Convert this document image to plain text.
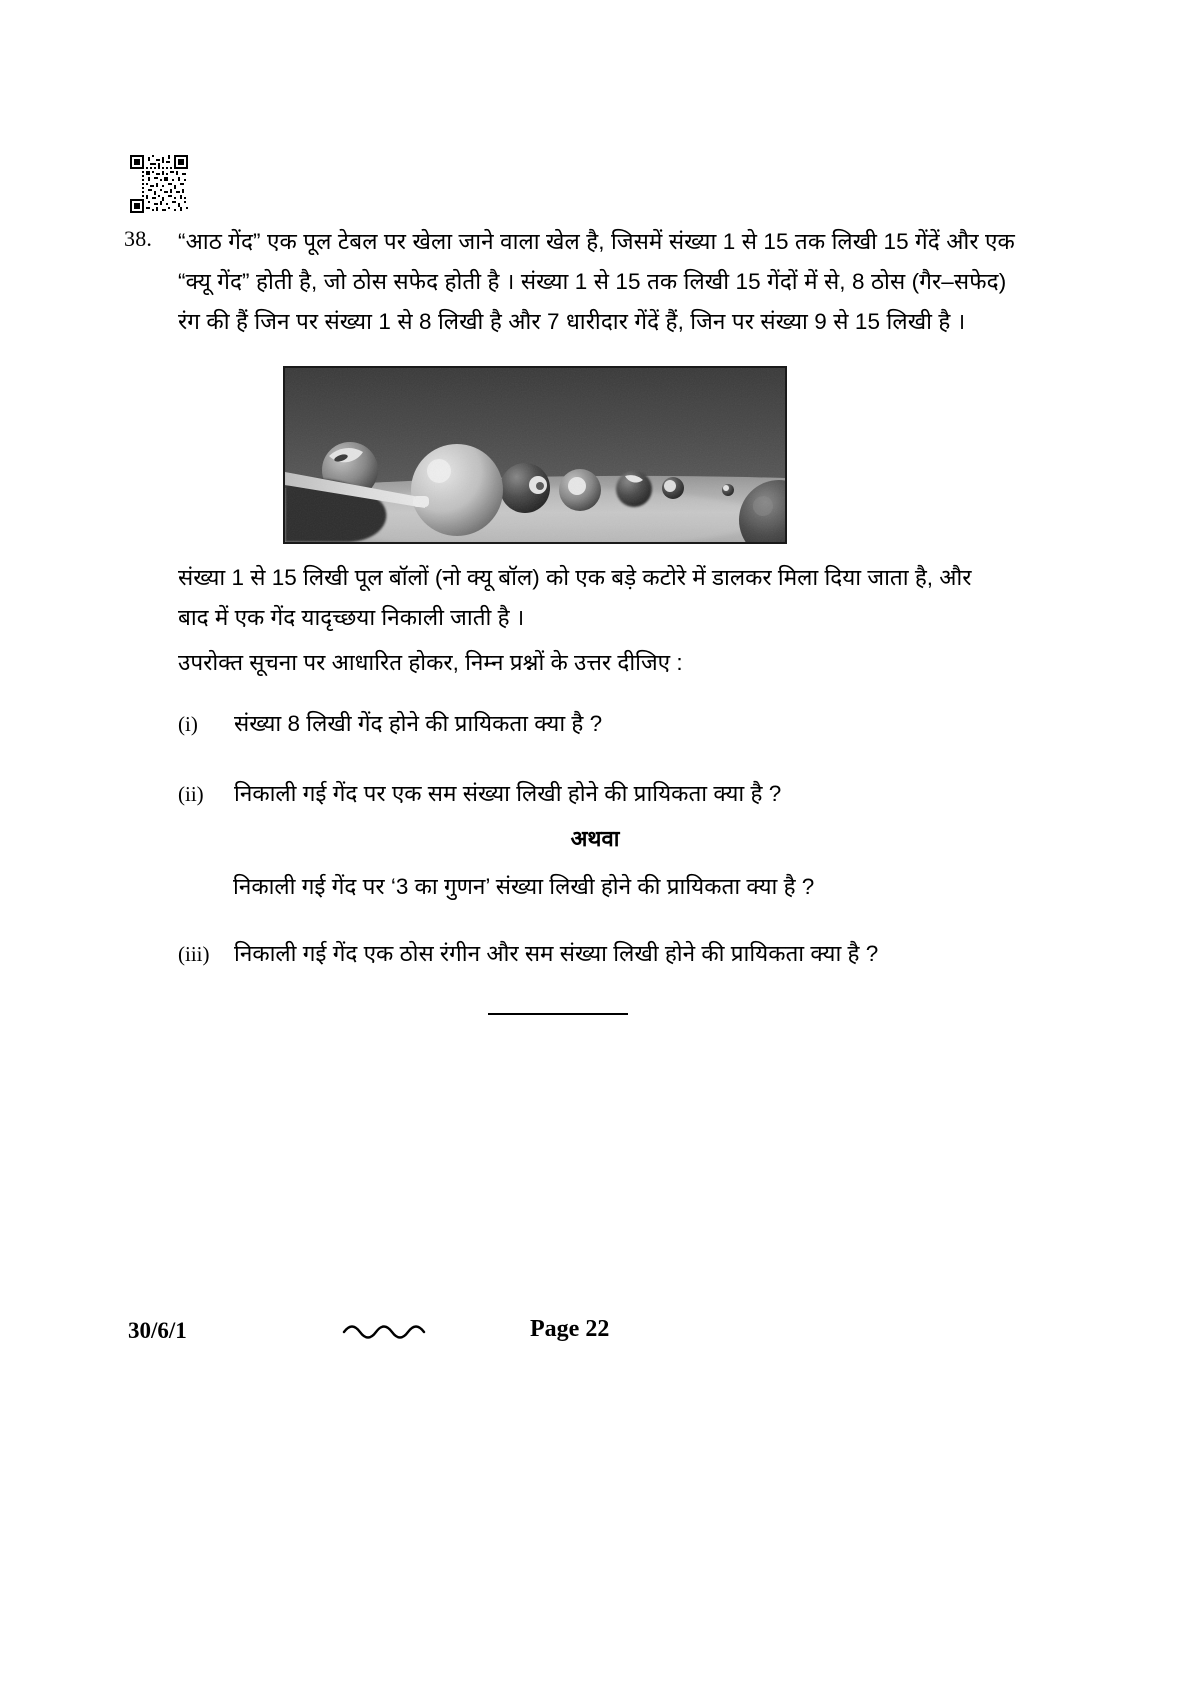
38. “आठ गेंद” एक पूल टेबल पर खेला जाने वाला खेल है, जिसमें संख्या 1 से 15 तक लिखी 15 गेंदें और एक
“क्यू गेंद” होती है, जो ठोस सफेद होती है । संख्या 1 से 15 तक लिखी 15 गेंदों में से, 8 ठोस (गैर–सफेद)
रंग की हैं जिन पर संख्या 1 से 8 लिखी है और 7 धारीदार गेंदें हैं, जिन पर संख्या 9 से 15 लिखी है ।
संख्या 1 से 15 लिखी पूल बॉलों (नो क्यू बॉल) को एक बड़े कटोरे में डालकर मिला दिया जाता है, और
बाद में एक गेंद यादृच्छया निकाली जाती है ।
उपरोक्त सूचना पर आधारित होकर, निम्न प्रश्नों के उत्तर दीजिए :
(i) संख्या 8 लिखी गेंद होने की प्रायिकता क्या है ?
(ii) निकाली गई गेंद पर एक सम संख्या लिखी होने की प्रायिकता क्या है ?
अथवा
निकाली गई गेंद पर ‘3 का गुणन’ संख्या लिखी होने की प्रायिकता क्या है ?
(iii) निकाली गई गेंद एक ठोस रंगीन और सम संख्या लिखी होने की प्रायिकता क्या है ?
30/6/1	Page 22
